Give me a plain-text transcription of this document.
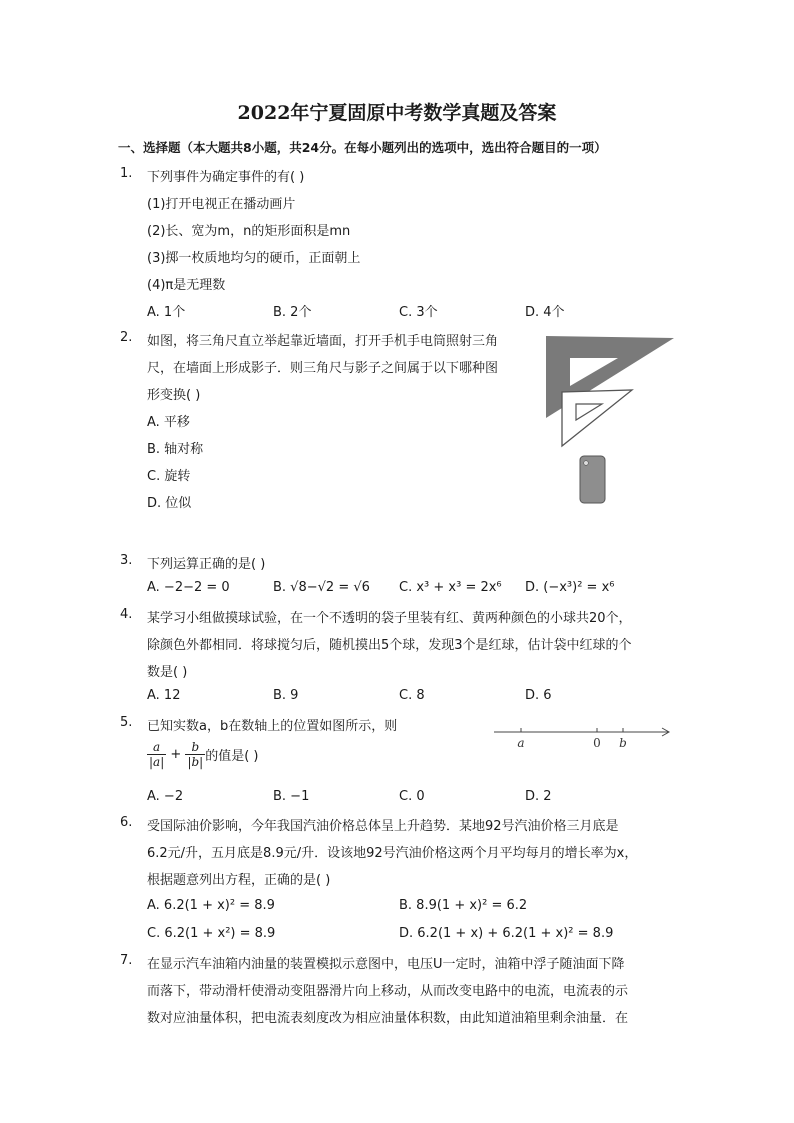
2022年宁夏固原中考数学真题及答案
一、选择题（本大题共8小题，共24分。在每小题列出的选项中，选出符合题目的一项）
1. 下列事件为确定事件的有( )
(1)打开电视正在播动画片
(2)长、宽为m，n的矩形面积是mn
(3)掷一枚质地均匀的硬币，正面朝上
(4)π是无理数
A. 1个	B. 2个	C. 3个	D. 4个
2. 如图，将三角尺直立举起靠近墙面，打开手机手电筒照射三角
尺，在墙面上形成影子．则三角尺与影子之间属于以下哪种图
形变换( )
A. 平移
B. 轴对称
C. 旋转
D. 位似
3. 下列运算正确的是( )
A. −2−2 = 0	B. √8−√2 = √6 C. x³ + x³ = 2x⁶ D. (−x³)² = x⁶
4. 某学习小组做摸球试验，在一个不透明的袋子里装有红、黄两种颜色的小球共20个，
除颜色外都相同．将球搅匀后，随机摸出5个球，发现3个是红球，估计袋中红球的个
数是( )
A. 12	B. 9	C. 8	D. 6
5. 已知实数a，b在数轴上的位置如图所示，则
$\frac{a}{|a|} + \frac{b}{|b|}$ 的值是( )
a	0 b
A. −2	B. −1	C. 0	D. 2
6. 受国际油价影响，今年我国汽油价格总体呈上升趋势．某地92号汽油价格三月底是
6.2元/升，五月底是8.9元/升．设该地92号汽油价格这两个月平均每月的增长率为x，
根据题意列出方程，正确的是( )
A. 6.2(1 + x)² = 8.9	B. 8.9(1 + x)² = 6.2
C. 6.2(1 + x²) = 8.9	D. 6.2(1 + x) + 6.2(1 + x)² = 8.9
7. 在显示汽车油箱内油量的装置模拟示意图中，电压U一定时，油箱中浮子随油面下降
而落下，带动滑杆使滑动变阻器滑片向上移动，从而改变电路中的电流，电流表的示
数对应油量体积，把电流表刻度改为相应油量体积数，由此知道油箱里剩余油量．在
